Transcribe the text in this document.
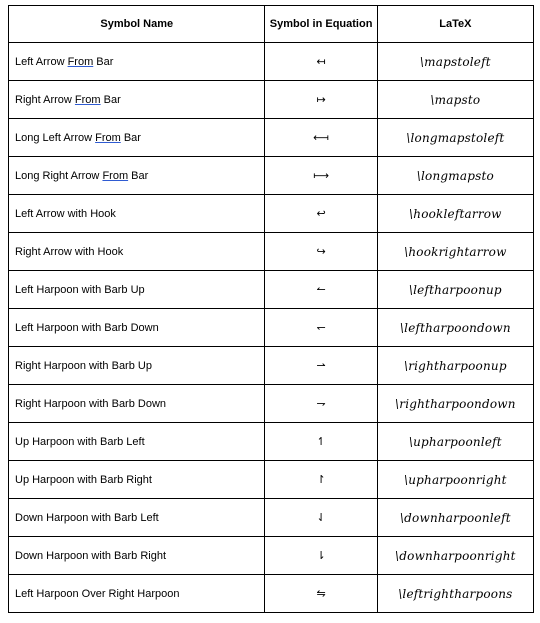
Symbol Name	Symbol in Equation	LaTeX
Left Arrow From Bar	↤	\mapstoleft
Right Arrow From Bar	↦	\mapsto
Long Left Arrow From Bar	⟻	\longmapstoleft
Long Right Arrow From Bar	⟼	\longmapsto
Left Arrow with Hook	↩	\hookleftarrow
Right Arrow with Hook	↪	\hookrightarrow
Left Harpoon with Barb Up	↼	\leftharpoonup
Left Harpoon with Barb Down	↽	\leftharpoondown
Right Harpoon with Barb Up	⇀	\rightharpoonup
Right Harpoon with Barb Down	⇁	\rightharpoondown
Up Harpoon with Barb Left	↿	\upharpoonleft
Up Harpoon with Barb Right	↾	\upharpoonright
Down Harpoon with Barb Left	⇃	\downharpoonleft
Down Harpoon with Barb Right	⇂	\downharpoonright
Left Harpoon Over Right Harpoon	⇋	\leftrightharpoons
